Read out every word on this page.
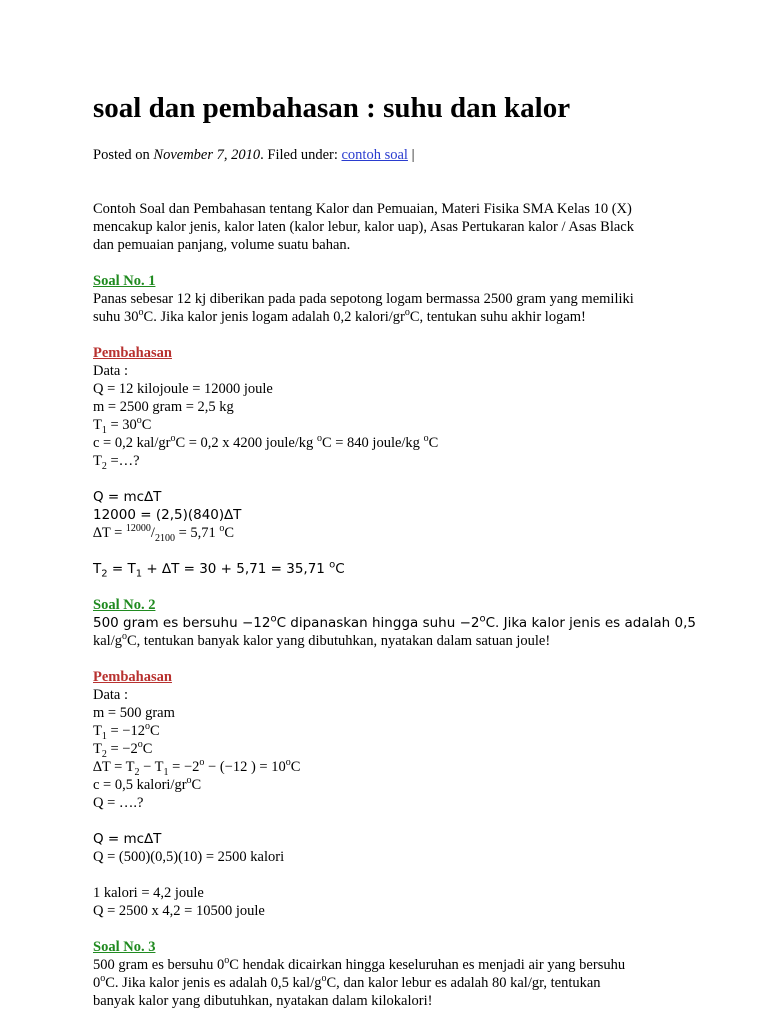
soal dan pembahasan : suhu dan kalor
Posted on November 7, 2010. Filed under: contoh soal |
Contoh Soal dan Pembahasan tentang Kalor dan Pemuaian, Materi Fisika SMA Kelas 10 (X)
mencakup kalor jenis, kalor laten (kalor lebur, kalor uap), Asas Pertukaran kalor / Asas Black
dan pemuaian panjang, volume suatu bahan.
Soal No. 1
Panas sebesar 12 kj diberikan pada pada sepotong logam bermassa 2500 gram yang memiliki
suhu 30$^o$C. Jika kalor jenis logam adalah 0,2 kalori/$gr^oC$, tentukan suhu akhir logam!
Pembahasan
Data :
Q = 12 kilojoule = 12000 joule
m = 2500 gram = 2,5 kg
$T_1 = 30^oC$
c = 0,2 kal/$gr^oC = 0,2$ x 4200 joule/kg $^o$C = 840 joule/kg $^o$C
$T_2$ =…?
Q = mc∆T
12000 = (2,5)(840)∆T
$\Delta T = ^{12000}/_{2100} = 5,71$ $^o$C
$T_2 = T_1 + \Delta T = 30 + 5,71 = 35,71$ $^o$C
Soal No. 2
500 gram es bersuhu $-12^oC$ dipanaskan hingga suhu $-2^oC$. Jika kalor jenis es adalah 0,5
kal/$g^oC$, tentukan banyak kalor yang dibutuhkan, nyatakan dalam satuan joule!
Pembahasan
Data :
m = 500 gram
$T_1 = -12^oC$
$T_2 = -2^oC$
$\Delta T = T_2 - T_1 = -2^o - (-12$ ) = $10^oC$
c = 0,5 kalori/$gr^oC$
Q = ….?
Q = mc∆T
Q = (500)(0,5)(10) = 2500 kalori
1 kalori = 4,2 joule
Q = 2500 x 4,2 = 10500 joule
Soal No. 3
500 gram es bersuhu 0$^o$C hendak dicairkan hingga keseluruhan es menjadi air yang bersuhu
0$^o$C. Jika kalor jenis es adalah 0,5 kal/$g^oC$, dan kalor lebur es adalah 80 kal/gr, tentukan
banyak kalor yang dibutuhkan, nyatakan dalam kilokalori!
